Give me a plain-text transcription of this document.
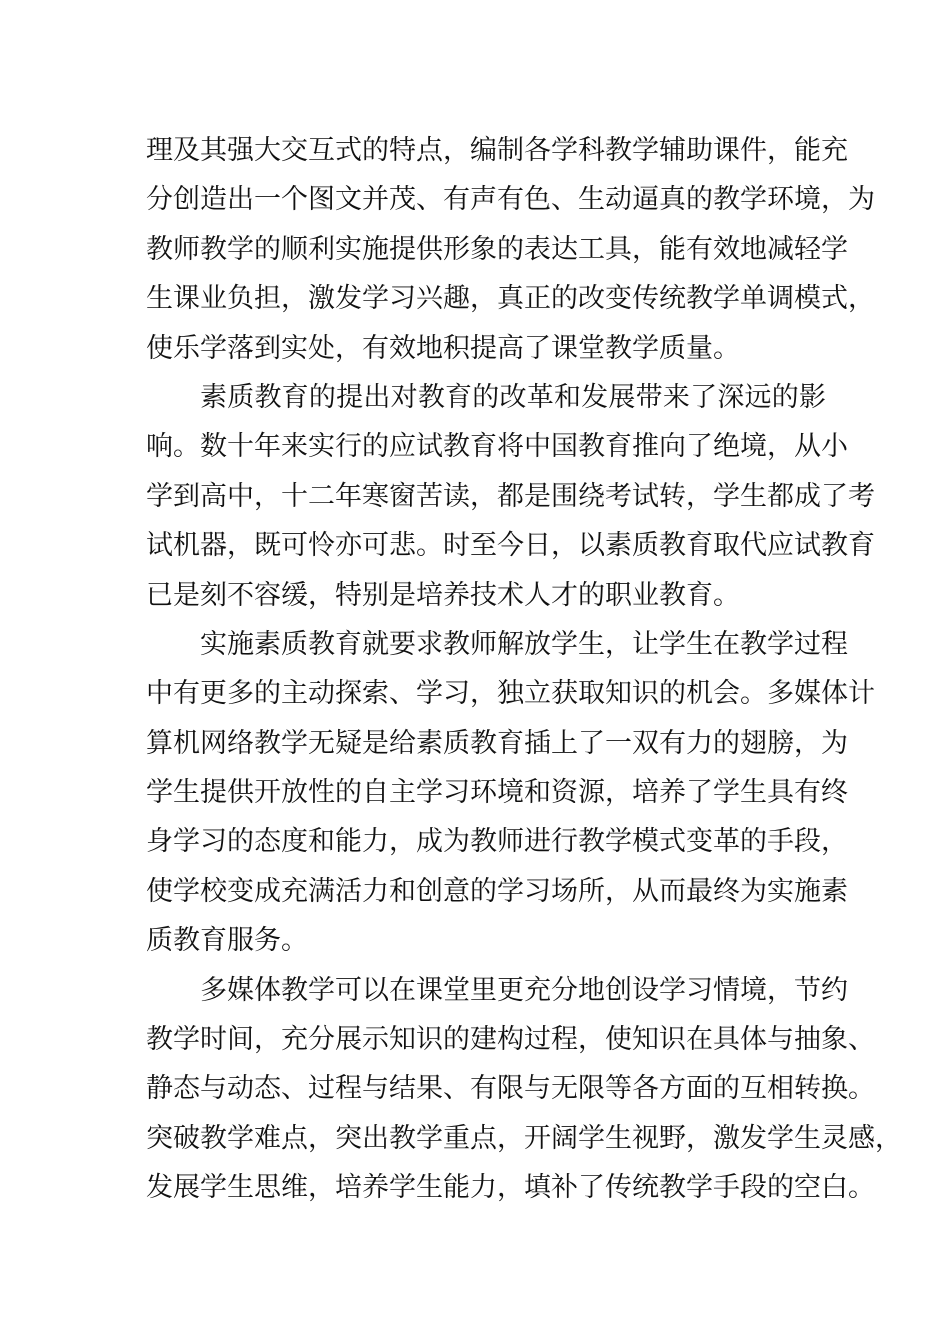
理及其强大交互式的特点，编制各学科教学辅助课件，能充
分创造出一个图文并茂、有声有色、生动逼真的教学环境，为
教师教学的顺利实施提供形象的表达工具，能有效地减轻学
生课业负担，激发学习兴趣，真正的改变传统教学单调模式，
使乐学落到实处，有效地积提高了课堂教学质量。
素质教育的提出对教育的改革和发展带来了深远的影
响。数十年来实行的应试教育将中国教育推向了绝境，从小
学到高中，十二年寒窗苦读，都是围绕考试转，学生都成了考
试机器，既可怜亦可悲。时至今日，以素质教育取代应试教育
已是刻不容缓，特别是培养技术人才的职业教育。
实施素质教育就要求教师解放学生，让学生在教学过程
中有更多的主动探索、学习，独立获取知识的机会。多媒体计
算机网络教学无疑是给素质教育插上了一双有力的翅膀，为
学生提供开放性的自主学习环境和资源，培养了学生具有终
身学习的态度和能力，成为教师进行教学模式变革的手段，
使学校变成充满活力和创意的学习场所，从而最终为实施素
质教育服务。
多媒体教学可以在课堂里更充分地创设学习情境，节约
教学时间，充分展示知识的建构过程，使知识在具体与抽象、
静态与动态、过程与结果、有限与无限等各方面的互相转换。
突破教学难点，突出教学重点，开阔学生视野，激发学生灵感，
发展学生思维，培养学生能力，填补了传统教学手段的空白。
